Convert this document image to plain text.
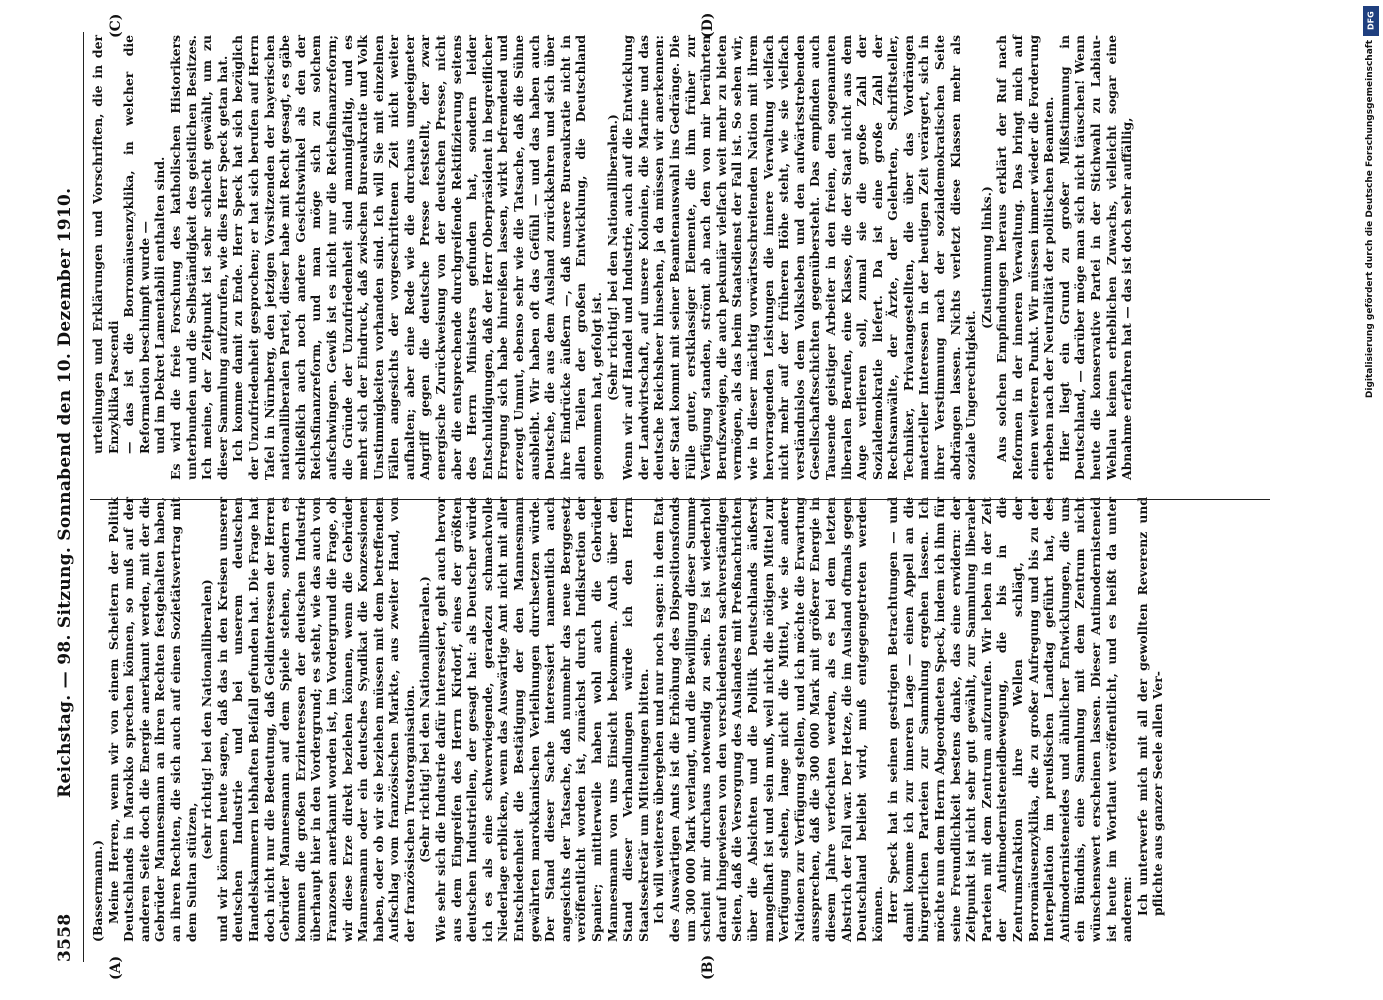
3558
Reichstag. — 98. Sitzung. Sonnabend den 10. Dezember 1910.
(A)	(B)
(C)	(D)

(Bassermann.) Meine Herren, wenn wir von einem Scheitern der Politik Deutschlands in Marokko sprechen können, so muß auf der anderen Seite doch die Energie anerkannt werden, mit der die Gebrüder Mannesmann an ihren Rechten festgehalten haben, an ihren Rechten, die sich auch auf einen Sozietätsvertrag mit dem Sultan stützen,

(sehr richtig! bei den Nationalliberalen) und wir können heute sagen, daß das in den Kreisen unserer deutschen Industrie und bei unserem deutschen Handelskammern lebhaften Beifall gefunden hat. Die Frage hat doch nicht nur die Bedeutung, daß Geldinteressen der Herren Gebrüder Mannesmann auf dem Spiele stehen, sondern es kommen die großen Erzinteressen der deutschen Industrie überhaupt hier in den Vordergrund; es steht, wie das auch von Franzosen anerkannt worden ist, im Vordergrund die Frage, ob wir diese Erze direkt beziehen können, wenn die Gebrüder Mannesmann oder ein deutsches Syndikat die Konzessionen haben, oder ob wir sie beziehen müssen mit dem betreffenden Aufschlag vom französischen Markte, aus zweiter Hand, von der französischen Trustorganisation. (Sehr richtig! bei den Nationalliberalen.) Wie sehr sich die Industrie dafür interessiert, geht auch hervor aus dem Eingreifen des Herrn Kirdorf, eines der größten deutschen Industriellen, der gesagt hat: als Deutscher würde ich es als eine schwerwiegende, geradezu schmachvolle Niederlage erblicken, wenn das Auswärtige Amt nicht mit aller Entschiedenheit die Bestätigung der den Mannesmann gewährten marokkanischen Verleihungen durchsetzen würde. Der Stand dieser Sache interessiert namentlich auch angesichts der Tatsache, daß nunmehr das neue Berggesetz veröffentlicht worden ist, zunächst durch Indiskretion der Spanier; mittlerweile haben wohl auch die Gebrüder Mannesmann von uns Einsicht bekommen. Auch über den Stand dieser Verhandlungen würde ich den Herrn Staatssekretär um Mitteilungen bitten. Ich will weiteres übergehen und nur noch sagen: in dem Etat des Auswärtigen Amts ist die Erhöhung des Dispositionsfonds um 300 000 Mark verlangt, und die Bewilligung dieser Summe scheint mir durchaus notwendig zu sein. Es ist wiederholt darauf hingewiesen von den verschiedensten sachverständigen Seiten, daß die Versorgung des Auslandes mit Preßnachrichten über die Absichten und die Politik Deutschlands äußerst mangelhaft ist und sein muß, weil nicht die nötigen Mittel zur Verfügung stehen, lange nicht die Mittel, wie sie andere Nationen zur Verfügung stellen, und ich möchte die Erwartung aussprechen, daß die 300 000 Mark mit größerer Energie in diesem Jahre verfochten werden, als es bei dem letzten Abstrich der Fall war. Der Hetze, die im Ausland oftmals gegen Deutschland beliebt wird, muß entgegengetreten werden können. Herr Speck hat in seinen gestrigen Betrachtungen — und damit komme ich zur inneren Lage — einen Appell an die bürgerlichen Parteien zur Sammlung ergehen lassen. Ich möchte nun dem Herrn Abgeordneten Speck, indem ich ihm für seine Freundlichkeit bestens danke, das eine erwidern: der Zeitpunkt ist nicht sehr gut gewählt, zur Sammlung liberaler Parteien mit dem Zentrum aufzurufen. Wir leben in der Zeit der Antimodernisteneidbewegung, die bis in die Zentrumsfraktion ihre Wellen schlägt, der Borromäusenzyklika, die zu großer Aufregung und bis zu der Interpellation im preußischen Landtag geführt hat, des Antimodernisteneides und ähnlicher Entwicklungen, die uns ein Bündnis, eine Sammlung mit dem Zentrum nicht wünschenswert erscheinen lassen. Dieser Antimodernisteneid ist heute im Wortlaut veröffentlicht, und es heißt da unter anderem: Ich unterwerfe mich mit all der gewollten Reverenz und pflichte aus ganzer Seele allen Ver-

urteilungen und Erklärungen und Vorschriften, die in der Enzyklika Pascendi — das ist die Borromäusenzyklika, in welcher die Reformation beschimpft wurde — und im Dekret Lamentabili enthalten sind. Es wird die freie Forschung des katholischen Historikers unterbunden und die Selbständigkeit des geistlichen Besitzes. Ich meine, der Zeitpunkt ist sehr schlecht gewählt, um zu dieser Sammlung aufzurufen, wie dies Herr Speck getan hat. Ich komme damit zu Ende. Herr Speck hat sich bezüglich der Unzufriedenheit gesprochen; er hat sich berufen auf Herrn Tafel in Nürnberg, den jetzigen Vorsitzenden der bayerischen nationalliberalen Partei, dieser habe mit Recht gesagt, es gäbe schließlich auch noch andere Gesichtswinkel als den der Reichsfinanzreform, und man möge sich zu solchem aufschwingen. Gewiß ist es nicht nur die Reichsfinanzreform; die Gründe der Unzufriedenheit sind mannigfaltig, und es mehrt sich der Eindruck, daß zwischen Bureaukratie und Volk Unstimmigkeiten vorhanden sind. Ich will Sie mit einzelnen Fällen angesichts der vorgeschrittenen Zeit nicht weiter aufhalten; aber eine Rede wie die durchaus ungeeigneter Angriff gegen die deutsche Presse feststellt, der zwar energische Zurückweisung von der deutschen Presse, nicht aber die entsprechende durchgreifende Rektifizierung seitens des Herrn Ministers gefunden hat, sondern leider Entschuldigungen, daß der Herr Oberpräsident in begreiflicher Erregung sich habe hinreißen lassen, wirkt befremdend und erzeugt Unmut, ebenso sehr wie die Tatsache, daß die Sühne ausbleibt. Wir haben oft das Gefühl — und das haben auch Deutsche, die aus dem Ausland zurückkehren und sich über ihre Eindrücke äußern —, daß unsere Bureaukratie nicht in allen Teilen der großen Entwicklung, die Deutschland genommen hat, gefolgt ist. (Sehr richtig! bei den Nationalliberalen.) Wenn wir auf Handel und Industrie, auch auf die Entwicklung der Landwirtschaft, auf unsere Kolonien, die Marine und das deutsche Reichsheer hinsehen, ja da müssen wir anerkennen: der Staat kommt mit seiner Beamtenauswahl ins Gedränge. Die Fülle guter, erstklassiger Elemente, die ihm früher zur Verfügung standen, strömt ab nach den von mir berührten Berufszweigen, die auch pekuniär vielfach weit mehr zu bieten vermögen, als das beim Staatsdienst der Fall ist. So sehen wir, wie in dieser mächtig vorwärtsschreitenden Nation mit ihrem hervorragenden Leistungen die innere Verwaltung vielfach nicht mehr auf der früheren Höhe steht, wie sie vielfach verständnislos dem Volksleben und den aufwärtsstrebenden Gesellschaftsschichten gegenübersteht. Das empfinden auch Tausende geistiger Arbeiter in den freien, den sogenannten liberalen Berufen, eine Klasse, die der Staat nicht aus dem Auge verlieren soll, zumal sie die große Zahl der Sozialdemokratie liefert. Da ist eine große Zahl der Rechtsanwälte, der Ärzte, der Gelehrten, Schriftsteller, Techniker, Privatangestellten, die über das Vordrängen materieller Interessen in der heutigen Zeit verärgert, sich in ihrer Verstimmung nach der sozialdemokratischen Seite abdrängen lassen. Nichts verletzt diese Klassen mehr als soziale Ungerechtigkeit.

(Zustimmung links.) Aus solchen Empfindungen heraus erklärt der Ruf nach Reformen in der inneren Verwaltung. Das bringt mich auf einen weiteren Punkt. Wir müssen immer wieder die Forderung erheben nach der Neutralität der politischen Beamten. Hier liegt ein Grund zu großer Mißstimmung in Deutschland, — darüber möge man sich nicht täuschen! Wenn heute die konservative Partei in der Stichwahl zu Labiau-Wehlau keinen erheblichen Zuwachs, vielleicht sogar eine Abnahme erfahren hat — das ist doch sehr auffällig,

DFG
Digitalisierung gefördert durch die Deutsche Forschungsgemeinschaft
